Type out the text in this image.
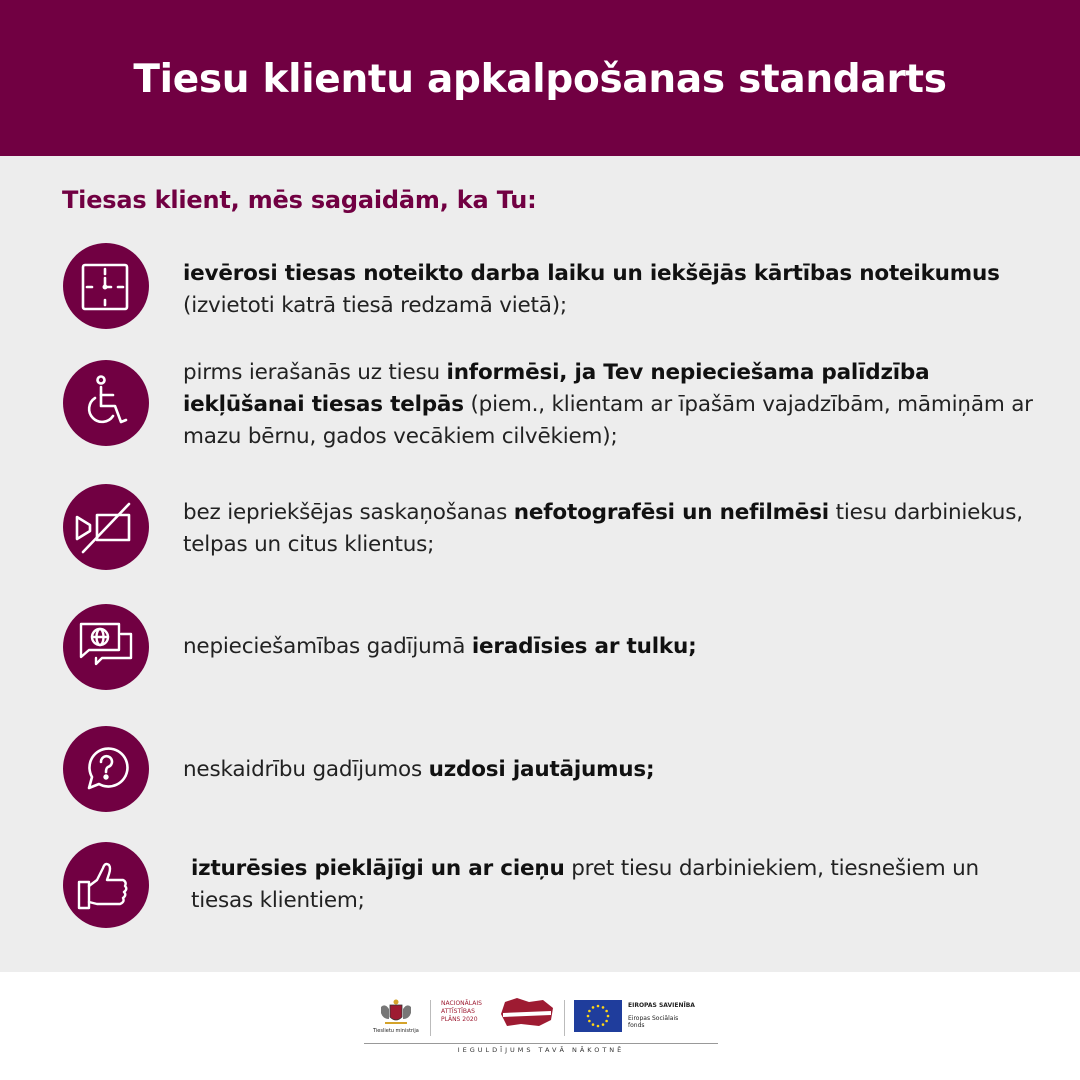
Tiesu klientu apkalpošanas standarts

Tiesas klient, mēs sagaidām, ka Tu:

ievērosi tiesas noteikto darba laiku un iekšējās kārtības noteikumus
(izvietoti katrā tiesā redzamā vietā);
pirms ierašanās uz tiesu informēsi, ja Tev nepieciešama palīdzība iekļūšanai tiesas telpās (piem., klientam ar īpašām vajadzībām, māmiņām ar mazu bērnu, gados vecākiem cilvēkiem);
bez iepriekšējas saskaņošanas nefotografēsi un nefilmēsi tiesu darbiniekus, telpas un citus klientus;
nepieciešamības gadījumā ieradīsies ar tulku;
neskaidrību gadījumos uzdosi jautājumus;
izturēsies pieklājīgi un ar cieņu pret tiesu darbiniekiem, tiesnešiem un tiesas klientiem;
Tieslietu ministrija
NACIONĀLAIS
ATTĪSTĪBAS
PLĀNS 2020
EIROPAS SAVIENĪBA
Eiropas Sociālais
fonds
IEGULDĪJUMS TAVĀ NĀKOTNĒ
